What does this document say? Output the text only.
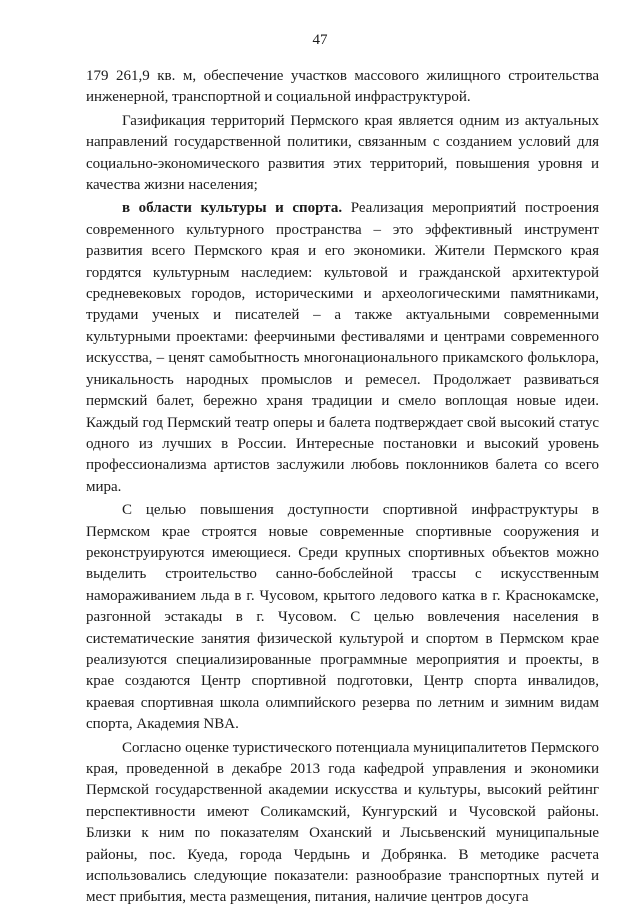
47

179 261,9 кв. м, обеспечение участков массового жилищного строительства инженерной, транспортной и социальной инфраструктурой.

Газификация территорий Пермского края является одним из актуальных направлений государственной политики, связанным с созданием условий для социально-экономического развития этих территорий, повышения уровня и качества жизни населения;

в области культуры и спорта. Реализация мероприятий построения современного культурного пространства – это эффективный инструмент развития всего Пермского края и его экономики. Жители Пермского края гордятся культурным наследием: культовой и гражданской архитектурой средневековых городов, историческими и археологическими памятниками, трудами ученых и писателей – а также актуальными современными культурными проектами: феерчиными фестивалями и центрами современного искусства, – ценят самобытность многонационального прикамского фольклора, уникальность народных промыслов и ремесел. Продолжает развиваться пермский балет, бережно храня традиции и смело воплощая новые идеи. Каждый год Пермский театр оперы и балета подтверждает свой высокий статус одного из лучших в России. Интересные постановки и высокий уровень профессионализма артистов заслужили любовь поклонников балета со всего мира.

С целью повышения доступности спортивной инфраструктуры в Пермском крае строятся новые современные спортивные сооружения и реконструируются имеющиеся. Среди крупных спортивных объектов можно выделить строительство санно-бобслейной трассы с искусственным намораживанием льда в г. Чусовом, крытого ледового катка в г. Краснокамске, разгонной эстакады в г. Чусовом. С целью вовлечения населения в систематические занятия физической культурой и спортом в Пермском крае реализуются специализированные программные мероприятия и проекты, в крае создаются Центр спортивной подготовки, Центр спорта инвалидов, краевая спортивная школа олимпийского резерва по летним и зимним видам спорта, Академия NBA.

Согласно оценке туристического потенциала муниципалитетов Пермского края, проведенной в декабре 2013 года кафедрой управления и экономики Пермской государственной академии искусства и культуры, высокий рейтинг перспективности имеют Соликамский, Кунгурский и Чусовской районы. Близки к ним по показателям Оханский и Лысьвенский муниципальные районы, пос. Куеда, города Чердынь и Добрянка. В методике расчета использовались следующие показатели: разнообразие транспортных путей и мест прибытия, места размещения, питания, наличие центров досуга
